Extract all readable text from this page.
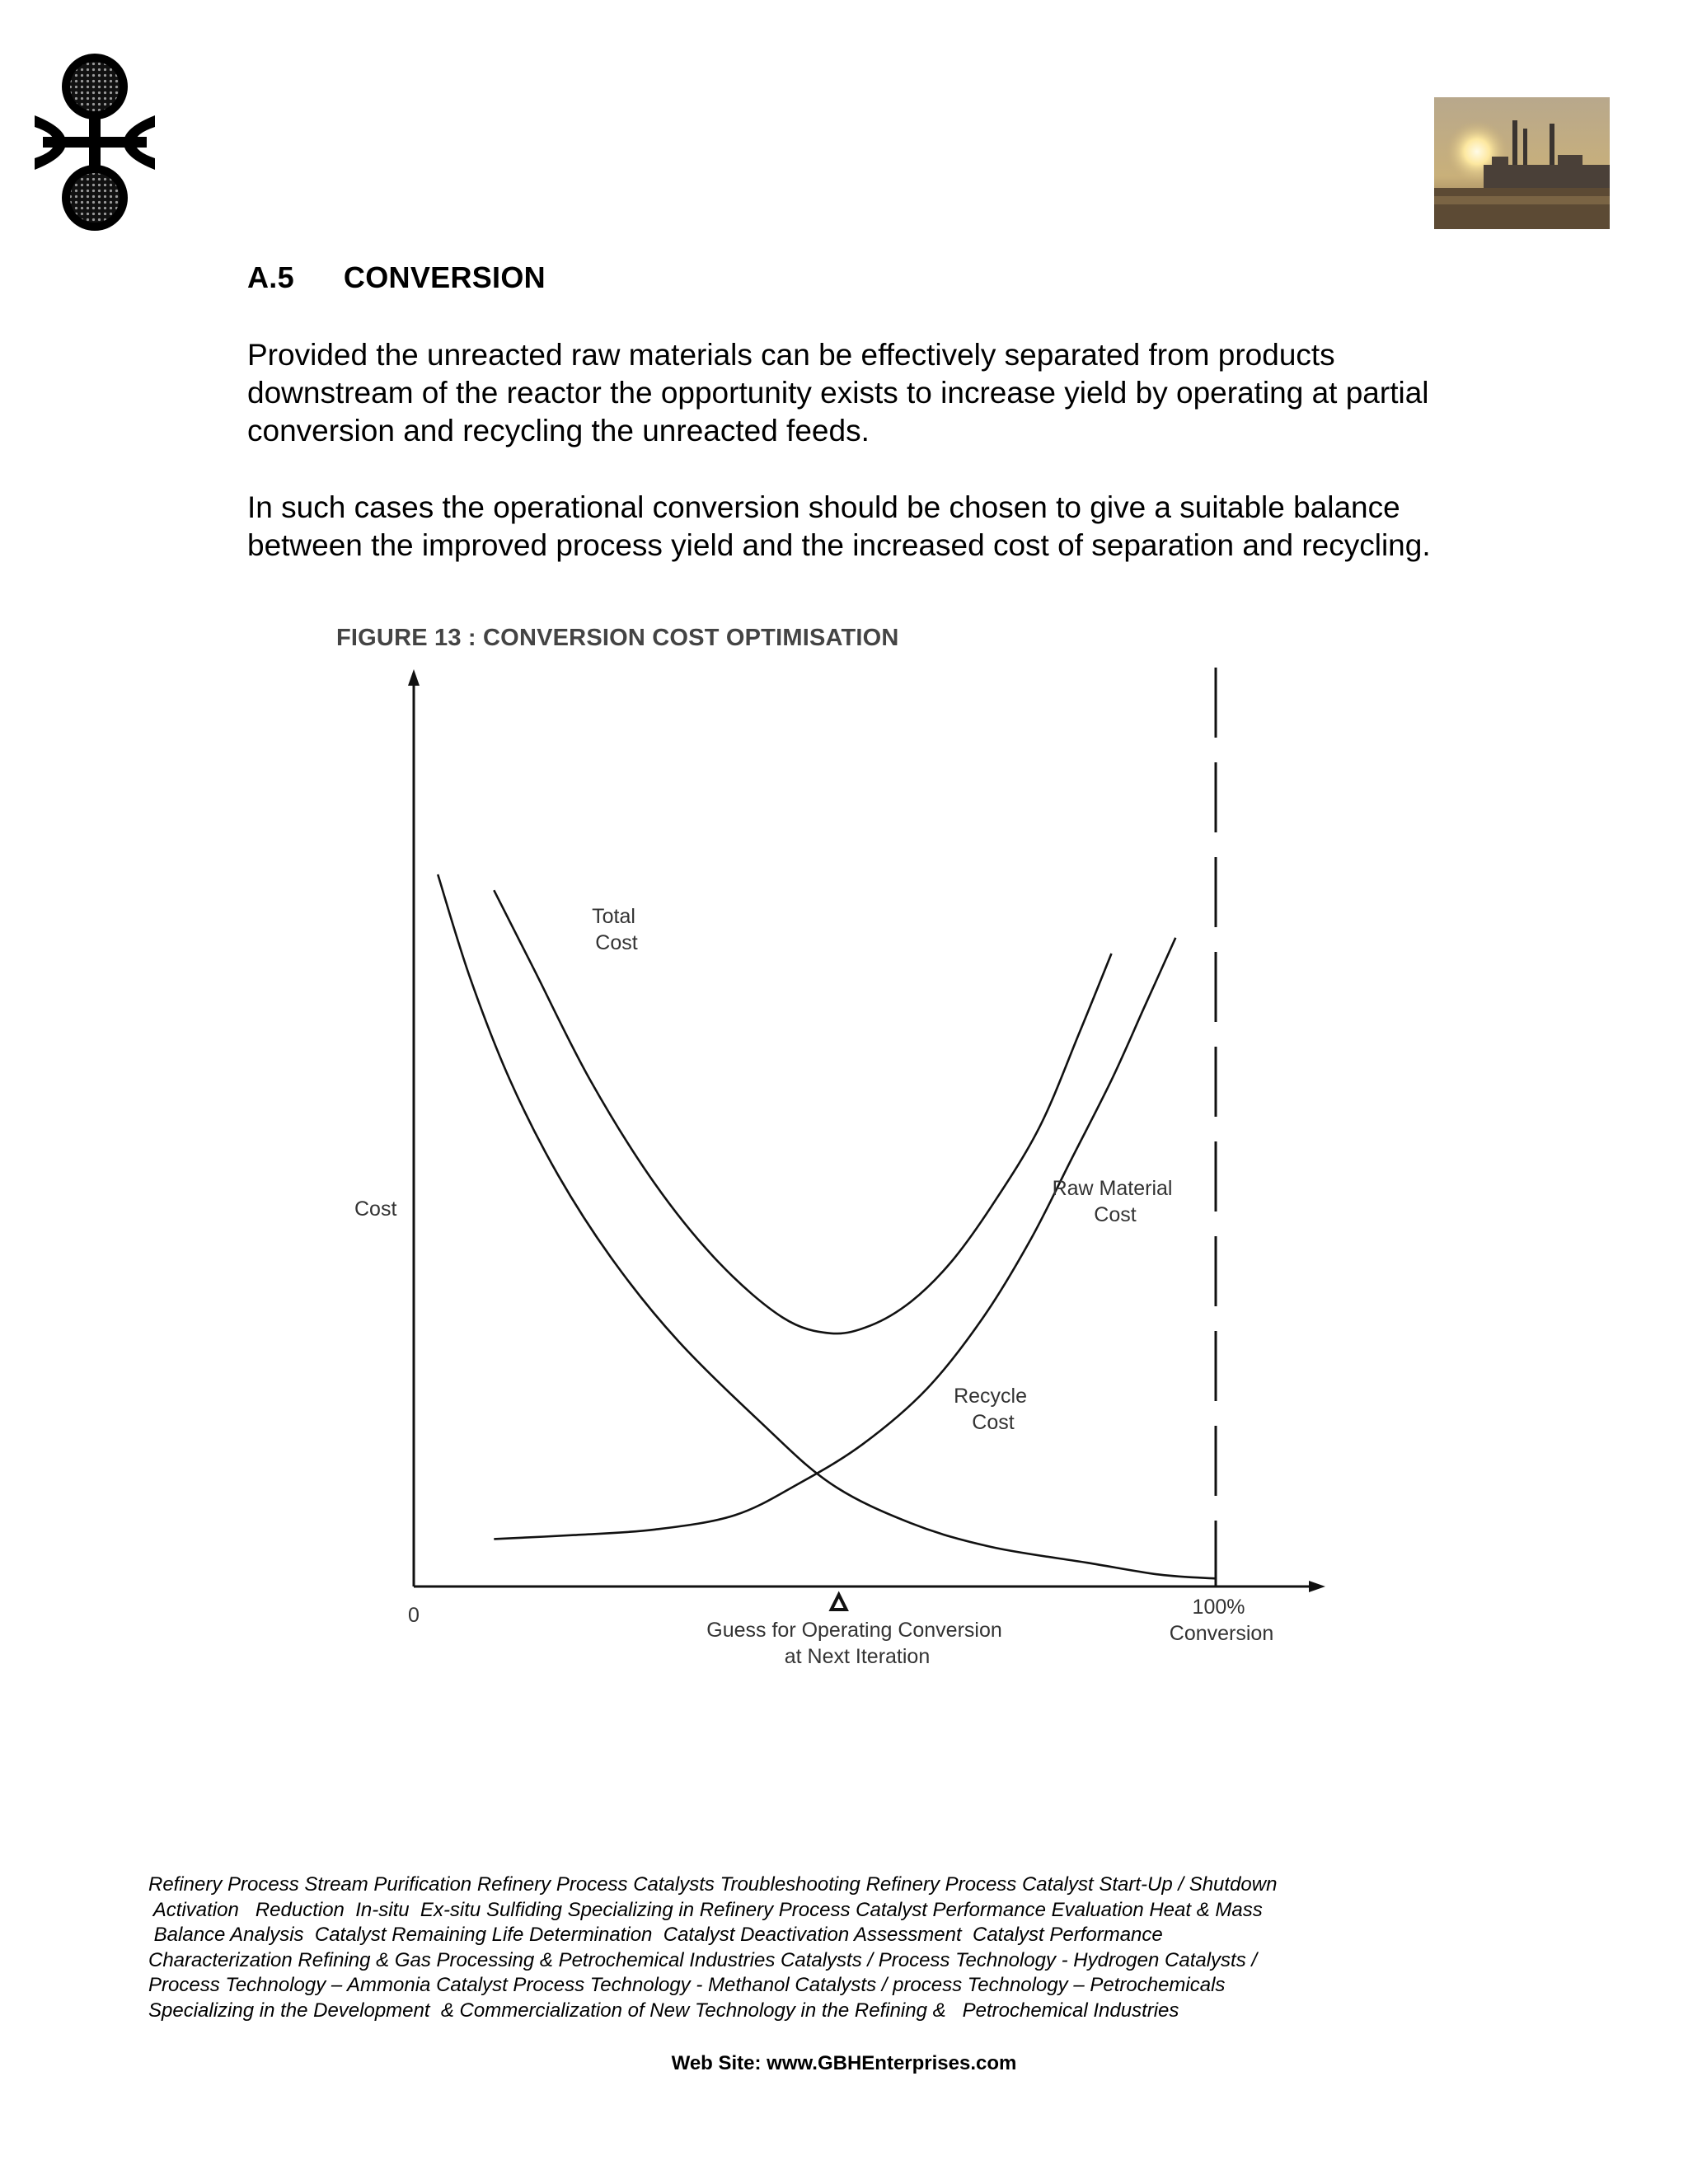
A.5 CONVERSION

Provided the unreacted raw materials can be effectively separated from products downstream of the reactor the opportunity exists to increase yield by operating at partial conversion and recycling the unreacted feeds.

In such cases the operational conversion should be chosen to give a suitable balance between the improved process yield and the increased cost of separation and recycling.

FIGURE 13 : CONVERSION COST OPTIMISATION
Cost
0	100% Conversion
Guess for Operating Conversion at Next Iteration
Total Cost
Raw Material Cost
Recycle Cost
Refinery Process Stream Purification Refinery Process Catalysts Troubleshooting Refinery Process Catalyst Start-Up / Shutdown
Activation   Reduction  In-situ  Ex-situ Sulfiding Specializing in Refinery Process Catalyst Performance Evaluation Heat & Mass
Balance Analysis  Catalyst Remaining Life Determination  Catalyst Deactivation Assessment  Catalyst Performance
Characterization Refining & Gas Processing & Petrochemical Industries Catalysts / Process Technology - Hydrogen Catalysts /
Process Technology – Ammonia Catalyst Process Technology - Methanol Catalysts / process Technology – Petrochemicals
Specializing in the Development  & Commercialization of New Technology in the Refining &   Petrochemical Industries
Web Site: www.GBHEnterprises.com
